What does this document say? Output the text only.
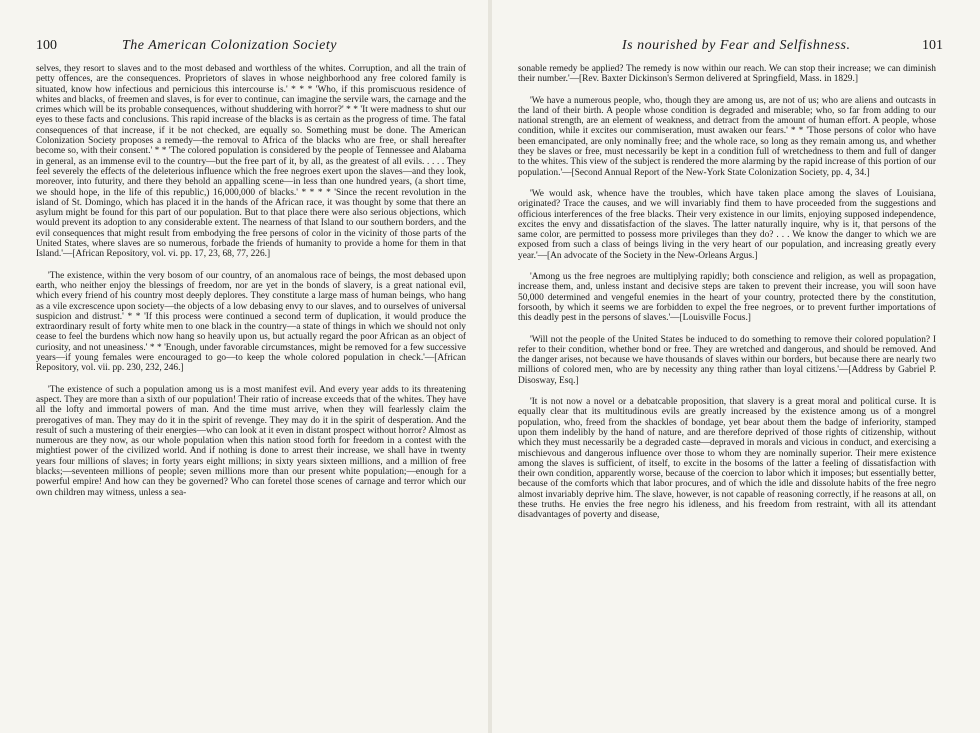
100	The American Colonization Society

selves, they resort to slaves and to the most debased and worthless of the whites. Corruption, and all the train of petty offences, are the consequences. Proprietors of slaves in whose neighborhood any free colored family is situated, know how infectious and pernicious this intercourse is.' * * * 'Who, if this promiscuous residence of whites and blacks, of freemen and slaves, is for ever to continue, can imagine the servile wars, the carnage and the crimes which will be its probable consequences, without shuddering with horror?' * * 'It were madness to shut our eyes to these facts and conclusions. This rapid increase of the blacks is as certain as the progress of time. The fatal consequences of that increase, if it be not checked, are equally so. Something must be done. The American Colonization Society proposes a remedy—the removal to Africa of the blacks who are free, or shall hereafter become so, with their consent.' * * 'The colored population is considered by the people of Tennessee and Alabama in general, as an immense evil to the country—but the free part of it, by all, as the greatest of all evils. . . . . They feel severely the effects of the deleterious influence which the free negroes exert upon the slaves—and they look, moreover, into futurity, and there they behold an appalling scene—in less than one hundred years, (a short time, we should hope, in the life of this republic,) 16,000,000 of blacks.' * * * * 'Since the recent revolution in the island of St. Domingo, which has placed it in the hands of the African race, it was thought by some that there an asylum might be found for this part of our population. But to that place there were also serious objections, which would prevent its adoption to any considerable extent. The nearness of that Island to our southern borders, and the evil consequences that might result from embodying the free persons of color in the vicinity of those parts of the United States, where slaves are so numerous, forbade the friends of humanity to provide a home for them in that Island.'—[African Repository, vol. vi. pp. 17, 23, 68, 77, 226.]

'The existence, within the very bosom of our country, of an anomalous race of beings, the most debased upon earth, who neither enjoy the blessings of freedom, nor are yet in the bonds of slavery, is a great national evil, which every friend of his country most deeply deplores. They constitute a large mass of human beings, who hang as a vile excrescence upon society—the objects of a low debasing envy to our slaves, and to ourselves of universal suspicion and distrust.' * * 'If this process were continued a second term of duplication, it would produce the extraordinary result of forty white men to one black in the country—a state of things in which we should not only cease to feel the burdens which now hang so heavily upon us, but actually regard the poor African as an object of curiosity, and not uneasiness.' * * 'Enough, under favorable circumstances, might be removed for a few successive years—if young females were encouraged to go—to keep the whole colored population in check.'—[African Repository, vol. vii. pp. 230, 232, 246.]

'The existence of such a population among us is a most manifest evil. And every year adds to its threatening aspect. They are more than a sixth of our population! Their ratio of increase exceeds that of the whites. They have all the lofty and immortal powers of man. And the time must arrive, when they will fearlessly claim the prerogatives of man. They may do it in the spirit of revenge. They may do it in the spirit of desperation. And the result of such a mustering of their energies—who can look at it even in distant prospect without horror? Almost as numerous are they now, as our whole population when this nation stood forth for freedom in a contest with the mightiest power of the civilized world. And if nothing is done to arrest their increase, we shall have in twenty years four millions of slaves; in forty years eight millions; in sixty years sixteen millions, and a million of free blacks;—seventeen millions of people; seven millions more than our present white population;—enough for a powerful empire! And how can they be governed? Who can foretel those scenes of carnage and terror which our own children may witness, unless a sea-

Is nourished by Fear and Selfishness.	101

sonable remedy be applied? The remedy is now within our reach. We can stop their increase; we can diminish their number.'—[Rev. Baxter Dickinson's Sermon delivered at Springfield, Mass. in 1829.]

'We have a numerous people, who, though they are among us, are not of us; who are aliens and outcasts in the land of their birth. A people whose condition is degraded and miserable; who, so far from adding to our national strength, are an element of weakness, and detract from the amount of human effort. A people, whose condition, while it excites our commiseration, must awaken our fears.' * * 'Those persons of color who have been emancipated, are only nominally free; and the whole race, so long as they remain among us, and whether they be slaves or free, must necessarily be kept in a condition full of wretchedness to them and full of danger to the whites. This view of the subject is rendered the more alarming by the rapid increase of this portion of our population.'—[Second Annual Report of the New-York State Colonization Society, pp. 4, 34.]

'We would ask, whence have the troubles, which have taken place among the slaves of Louisiana, originated? Trace the causes, and we will invariably find them to have proceeded from the suggestions and officious interferences of the free blacks. Their very existence in our limits, enjoying supposed independence, excites the envy and dissatisfaction of the slaves. The latter naturally inquire, why is it, that persons of the same color, are permitted to possess more privileges than they do? . . . We know the danger to which we are exposed from such a class of beings living in the very heart of our population, and increasing greatly every year.'—[An advocate of the Society in the New-Orleans Argus.]

'Among us the free negroes are multiplying rapidly; both conscience and religion, as well as propagation, increase them, and, unless instant and decisive steps are taken to prevent their increase, you will soon have 50,000 determined and vengeful enemies in the heart of your country, protected there by the constitution, forsooth, by which it seems we are forbidden to expel the free negroes, or to prevent further importations of this deadly pest in the persons of slaves.'—[Louisville Focus.]

'Will not the people of the United States be induced to do something to remove their colored population? I refer to their condition, whether bond or free. They are wretched and dangerous, and should be removed. And the danger arises, not because we have thousands of slaves within our borders, but because there are nearly two millions of colored men, who are by necessity any thing rather than loyal citizens.'—[Address by Gabriel P. Disosway, Esq.]

'It is not now a novel or a debatcable proposition, that slavery is a great moral and political curse. It is equally clear that its multitudinous evils are greatly increased by the existence among us of a mongrel population, who, freed from the shackles of bondage, yet bear about them the badge of inferiority, stamped upon them indelibly by the hand of nature, and are therefore deprived of those rights of citizenship, without which they must necessarily be a degraded caste—depraved in morals and vicious in conduct, and exercising a mischievous and dangerous influence over those to whom they are nominally superior. Their mere existence among the slaves is sufficient, of itself, to excite in the bosoms of the latter a feeling of dissatisfaction with their own condition, apparently worse, because of the coercion to labor which it imposes; but essentially better, because of the comforts which that labor procures, and of which the idle and dissolute habits of the free negro almost invariably deprive him. The slave, however, is not capable of reasoning correctly, if he reasons at all, on these truths. He envies the free negro his idleness, and his freedom from restraint, with all its attendant disadvantages of poverty and disease,
